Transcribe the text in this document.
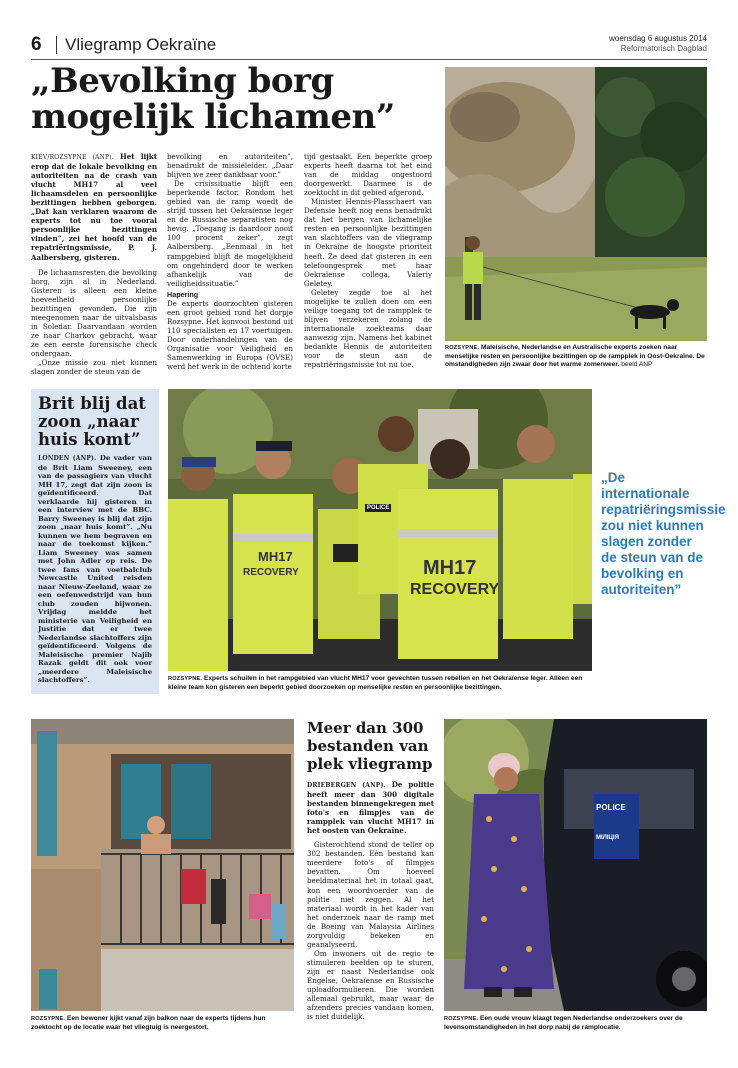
6 Vliegramp Oekraïne	woensdag 6 augustus 2014
Reformatorisch Dagblad
„Bevolking borg mogelijk lichamen”

KIEV/ROZSYPNE (ANP). Het lijkt erop dat de lokale bevolking en autoriteiten na de crash van vlucht MH17 al veel lichaamsdelen en persoonlijke bezittingen hebben geborgen. „Dat kan verklaren waarom de experts tot nu toe vooral persoonlijke bezittingen vinden”, zei het hoofd van de repatriëringsmissie, P. J. Aalbersberg, gisteren.

De lichaamsresten die bevolking borg, zijn al in Nederland. Gisteren is alleen een kleine hoeveelheid persoonlijke bezittingen gevonden. Die zijn meegenomen naar de uitvalsbasis in Soledar. Daarvandaan worden ze naar Charkov gebracht, waar ze een eerste forensische check ondergaan.

„Onze missie zou niet kunnen slagen zonder de steun van de

bevolking en autoriteiten”, benadrukt de missieleider. „Daar blijven we zeer dankbaar voor.”

De crisissituatie blijft een beperkende factor. Rondom het gebied van de ramp woedt de strijd tussen het Oekraïense leger en de Russische separatisten nog hevig. „Toegang is daardoor nooit 100 procent zeker”, zegt Aalbersberg. „Eenmaal in het rampgebied blijft de mogelijkheid om ongehinderd door te werken afhankelijk van de veiligheidssituatie.”

Hapering

De experts doorzochten gisteren een groot gebied rond het dorpje Rozsypne. Het konvooi bestond uit 110 specialisten en 17 voertuigen. Door onderhandelingen van de Organisatie voor Veiligheid en Samenwerking in Europa (OVSE) werd het werk in de ochtend korte

tijd gestaakt. Een beperkte groep experts heeft daarna tot het eind van de middag ongestoord doorgewerkt. Daarmee is de zoektocht in dit gebied afgerond.

Minister Hennis-Plasschaert van Defensie heeft nog eens benadrukt dat het bergen van lichamelijke resten en persoonlijke bezittingen van slachtoffers van de vliegramp in Oekraïne de hoogste prioriteit heeft. Ze deed dat gisteren in een telefoongesprek met haar Oekraïense collega, Valeriy Geletey.

Geletey zegde toe al het mogelijke te zullen doen om een veilige toegang tot de rampplek te blijven verzekeren zolang de internationale zoekteams daar aanwezig zijn. Namens het kabinet bedankte Hennis de autoriteiten voor de steun aan de repatriëringsmissie tot nu toe.

ROZSYPNE. Maleisische, Nederlandse en Australische experts zoeken naar menselijke resten en persoonlijke bezittingen op de rampplek in Oost-Oekraïne. De omstandigheden zijn zwaar door het warme zomerweer. beeld ANP
Brit blij dat zoon „naar huis komt”

LONDEN (ANP). De vader van de Brit Liam Sweeney, een van de passagiers van vlucht MH 17, zegt dat zijn zoon is geïdentificeerd. Dat verklaarde hij gisteren in een interview met de BBC. Barry Sweeney is blij dat zijn zoon „naar huis komt”. „Nu kunnen we hem begraven en naar de toekomst kijken.” Liam Sweeney was samen met John Adler op reis. De twee fans van voetbalclub Newcastle United reisden naar Nieuw-Zeeland, waar ze een oefenwedstrijd van hun club zouden bijwonen. Vrijdag meldde het ministerie van Veiligheid en Justitie dat er twee Nederlandse slachtoffers zijn geïdentificeerd. Volgens de Maleisische premier Najib Razak geldt dit ook voor „meerdere Maleisische slachtoffers”.

MH17
RECOVERY	MH17
RECOVERY
POLICE
ROZSYPNE. Experts schuilen in het rampgebied van vlucht MH17 voor gevechten tussen rebellen en het Oekraïense leger. Alleen een kleine team kon gisteren een beperkt gebied doorzoeken op menselijke resten en persoonlijke bezittingen.
„De internationale repatriëringsmissie zou niet kunnen slagen zonder de steun van de bevolking en autoriteiten”
ROZSYPNE. Een bewoner kijkt vanaf zijn balkon naar de experts tijdens hun zoektocht op de locatie waar het vliegtuig is neergestort.
Meer dan 300 bestanden van plek vliegramp

DRIEBERGEN (ANP). De politie heeft meer dan 300 digitale bestanden binnengekregen met foto's en filmpjes van de rampplek van vlucht MH17 in het oosten van Oekraïne.

Gisterochtend stond de teller op 302 bestanden. Eén bestand kan meerdere foto's of filmpjes bevatten. Om hoeveel beeldmateriaal het in totaal gaat, kon een woordvoerder van de politie niet zeggen. Al het materiaal wordt in het kader van het onderzoek naar de ramp met de Boeing van Malaysia Airlines zorgvuldig bekeken en geanalyseerd.

Om inwoners uit de regio te stimuleren beelden op te sturen, zijn er naast Nederlandse ook Engelse, Oekraïense en Russische uploadformulieren. Die worden allemaal gebruikt, maar waar de afzenders precies vandaan komen, is niet duidelijk.

POLICE
МІЛІЦІЯ
ROZSYPNE. Een oude vrouw klaagt tegen Nederlandse onderzoekers over de levensomstandigheden in het dorp nabij de ramplocatie.
